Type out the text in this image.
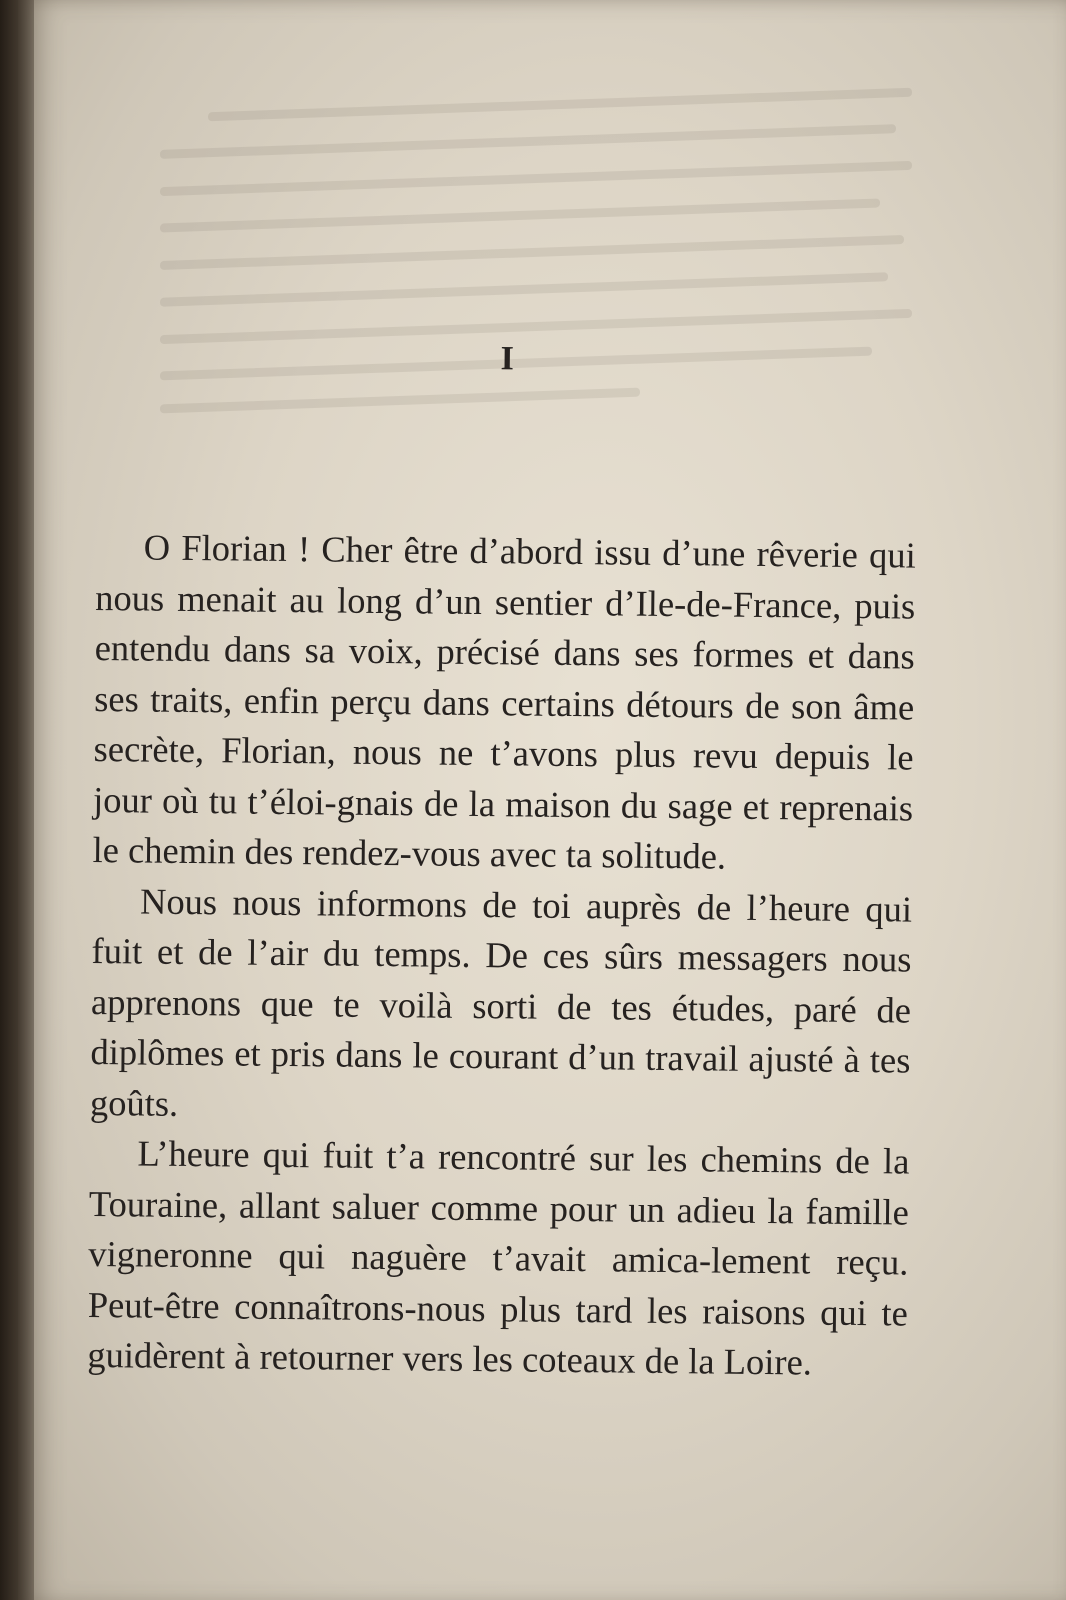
I

O Florian ! Cher être d’abord issu d’une rêverie qui nous menait au long d’un sentier d’Ile-de-France, puis entendu dans sa voix, précisé dans ses formes et dans ses traits, enfin perçu dans certains détours de son âme secrète, Florian, nous ne t’avons plus revu depuis le jour où tu t’éloi-gnais de la maison du sage et reprenais le chemin des rendez-vous avec ta solitude.

Nous nous informons de toi auprès de l’heure qui fuit et de l’air du temps. De ces sûrs messagers nous apprenons que te voilà sorti de tes études, paré de diplômes et pris dans le courant d’un travail ajusté à tes goûts.

L’heure qui fuit t’a rencontré sur les chemins de la Touraine, allant saluer comme pour un adieu la famille vigneronne qui naguère t’avait amica-lement reçu. Peut-être connaîtrons-nous plus tard les raisons qui te guidèrent à retourner vers les coteaux de la Loire.
